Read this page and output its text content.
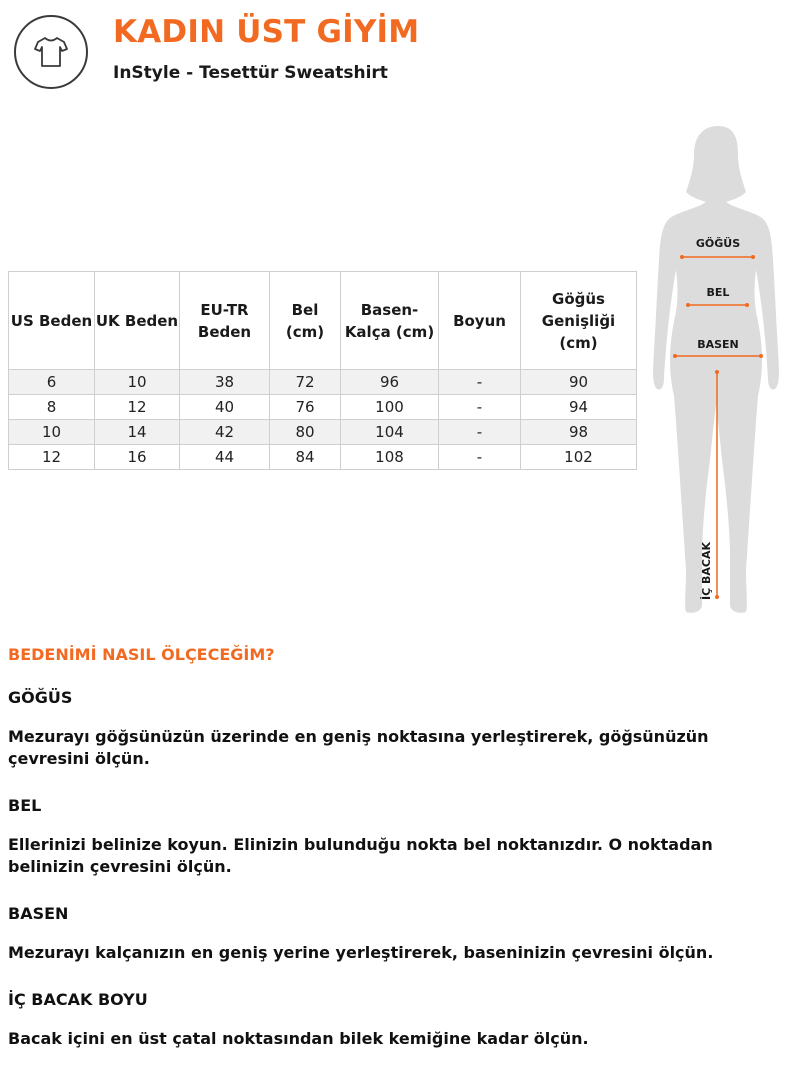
KADIN ÜST GİYİM
InStyle - Tesettür Sweatshirt
US Beden	UK Beden	EU-TR Beden	Bel (cm)	Basen-Kalça (cm)	Boyun	Göğüs Genişliği (cm)
6	10	38	72	96	-	90
8	12	40	76	100	-	94
10	14	42	80	104	-	98
12	16	44	84	108	-	102
GÖĞÜS
BEL
BASEN
İÇ BACAK

BEDENİMİ NASIL ÖLÇECEĞİM?

GÖĞÜS

Mezurayı göğsünüzün üzerinde en geniş noktasına yerleştirerek, göğsünüzün çevresini ölçün.

BEL

Ellerinizi belinize koyun. Elinizin bulunduğu nokta bel noktanızdır. O noktadan belinizin çevresini ölçün.

BASEN

Mezurayı kalçanızın en geniş yerine yerleştirerek, baseninizin çevresini ölçün.

İÇ BACAK BOYU

Bacak içini en üst çatal noktasından bilek kemiğine kadar ölçün.
